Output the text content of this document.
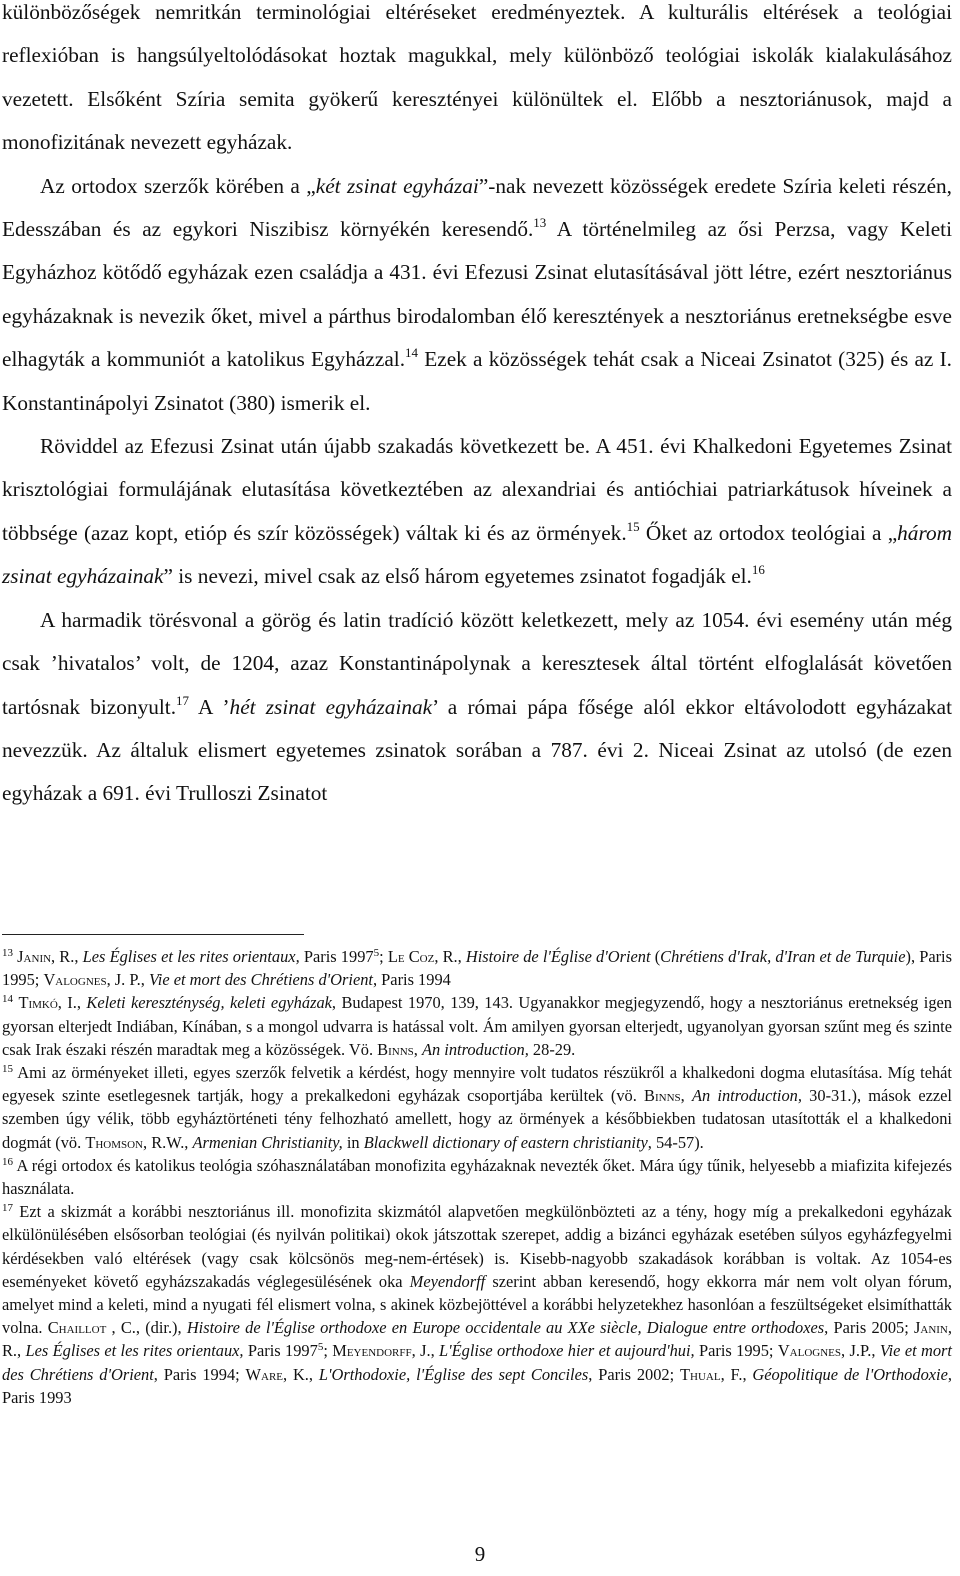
különbözőségek nemritkán terminológiai eltéréseket eredményeztek. A kulturális eltérések a teológiai reflexióban is hangsúlyeltolódásokat hoztak magukkal, mely különböző teológiai iskolák kialakulásához vezetett. Elsőként Szíria semita gyökerű keresztényei különültek el. Előbb a nesztoriánusok, majd a monofizitának nevezett egyházak.

Az ortodox szerzők körében a „két zsinat egyházai”-nak nevezett közösségek eredete Szíria keleti részén, Edesszában és az egykori Niszibisz környékén keresendő.$^{13}$ A történelmileg az ősi Perzsa, vagy Keleti Egyházhoz kötődő egyházak ezen családja a 431. évi Efezusi Zsinat elutasításával jött létre, ezért nesztoriánus egyházaknak is nevezik őket, mivel a párthus birodalomban élő keresztények a nesztoriánus eretnekségbe esve elhagyták a kommuniót a katolikus Egyházzal.$^{14}$ Ezek a közösségek tehát csak a Niceai Zsinatot (325) és az I. Konstantinápolyi Zsinatot (380) ismerik el.

Röviddel az Efezusi Zsinat után újabb szakadás következett be. A 451. évi Khalkedoni Egyetemes Zsinat krisztológiai formulájának elutasítása következtében az alexandriai és antióchiai patriarkátusok híveinek a többsége (azaz kopt, etióp és szír közösségek) váltak ki és az örmények.$^{15}$ Őket az ortodox teológiai a „három zsinat egyházainak” is nevezi, mivel csak az első három egyetemes zsinatot fogadják el.$^{16}$

A harmadik törésvonal a görög és latin tradíció között keletkezett, mely az 1054. évi esemény után még csak ’hivatalos’ volt, de 1204, azaz Konstantinápolynak a keresztesek által történt elfoglalását követően tartósnak bizonyult.$^{17}$ A ’hét zsinat egyházainak’ a római pápa fősége alól ekkor eltávolodott egyházakat nevezzük. Az általuk elismert egyetemes zsinatok sorában a 787. évi 2. Niceai Zsinat az utolsó (de ezen egyházak a 691. évi Trulloszi Zsinatot

$^{13}$ Janin, R., Les Églises et les rites orientaux, Paris 1997$^5$; Le Coz, R., Histoire de l'Église d'Orient (Chrétiens d'Irak, d'Iran et de Turquie), Paris 1995; Valognes, J. P., Vie et mort des Chrétiens d'Orient, Paris 1994

$^{14}$ Timkó, I., Keleti kereszténység, keleti egyházak, Budapest 1970, 139, 143. Ugyanakkor megjegyzendő, hogy a nesztoriánus eretnekség igen gyorsan elterjedt Indiában, Kínában, s a mongol udvarra is hatással volt. Ám amilyen gyorsan elterjedt, ugyanolyan gyorsan szűnt meg és szinte csak Irak északi részén maradtak meg a közösségek. Vö. Binns, An introduction, 28-29.

$^{15}$ Ami az örményeket illeti, egyes szerzők felvetik a kérdést, hogy mennyire volt tudatos részükről a khalkedoni dogma elutasítása. Míg tehát egyesek szinte esetlegesnek tartják, hogy a prekalkedoni egyházak csoportjába kerültek (vö. Binns, An introduction, 30-31.), mások ezzel szemben úgy vélik, több egyháztörténeti tény felhozható amellett, hogy az örmények a későbbiekben tudatosan utasították el a khalkedoni dogmát (vö. Thomson, R.W., Armenian Christianity, in Blackwell dictionary of eastern christianity, 54-57).

$^{16}$ A régi ortodox és katolikus teológia szóhasználatában monofizita egyházaknak nevezték őket. Mára úgy tűnik, helyesebb a miafizita kifejezés használata.

$^{17}$ Ezt a skizmát a korábbi nesztoriánus ill. monofizita skizmától alapvetően megkülönbözteti az a tény, hogy míg a prekalkedoni egyházak elkülönülésében elsősorban teológiai (és nyilván politikai) okok játszottak szerepet, addig a bizánci egyházak esetében súlyos egyházfegyelmi kérdésekben való eltérések (vagy csak kölcsönös meg-nem-értések) is. Kisebb-nagyobb szakadások korábban is voltak. Az 1054-es eseményeket követő egyházszakadás véglegesülésének oka Meyendorff szerint abban keresendő, hogy ekkorra már nem volt olyan fórum, amelyet mind a keleti, mind a nyugati fél elismert volna, s akinek közbejöttével a korábbi helyzetekhez hasonlóan a feszültségeket elsimíthatták volna. Chaillot , C., (dir.), Histoire de l'Église orthodoxe en Europe occidentale au XXe siècle, Dialogue entre orthodoxes, Paris 2005; Janin, R., Les Églises et les rites orientaux, Paris 1997$^5$; Meyendorff, J., L'Église orthodoxe hier et aujourd'hui, Paris 1995; Valognes, J.P., Vie et mort des Chrétiens d'Orient, Paris 1994; Ware, K., L'Orthodoxie, l'Église des sept Conciles, Paris 2002; Thual, F., Géopolitique de l'Orthodoxie, Paris 1993

9
